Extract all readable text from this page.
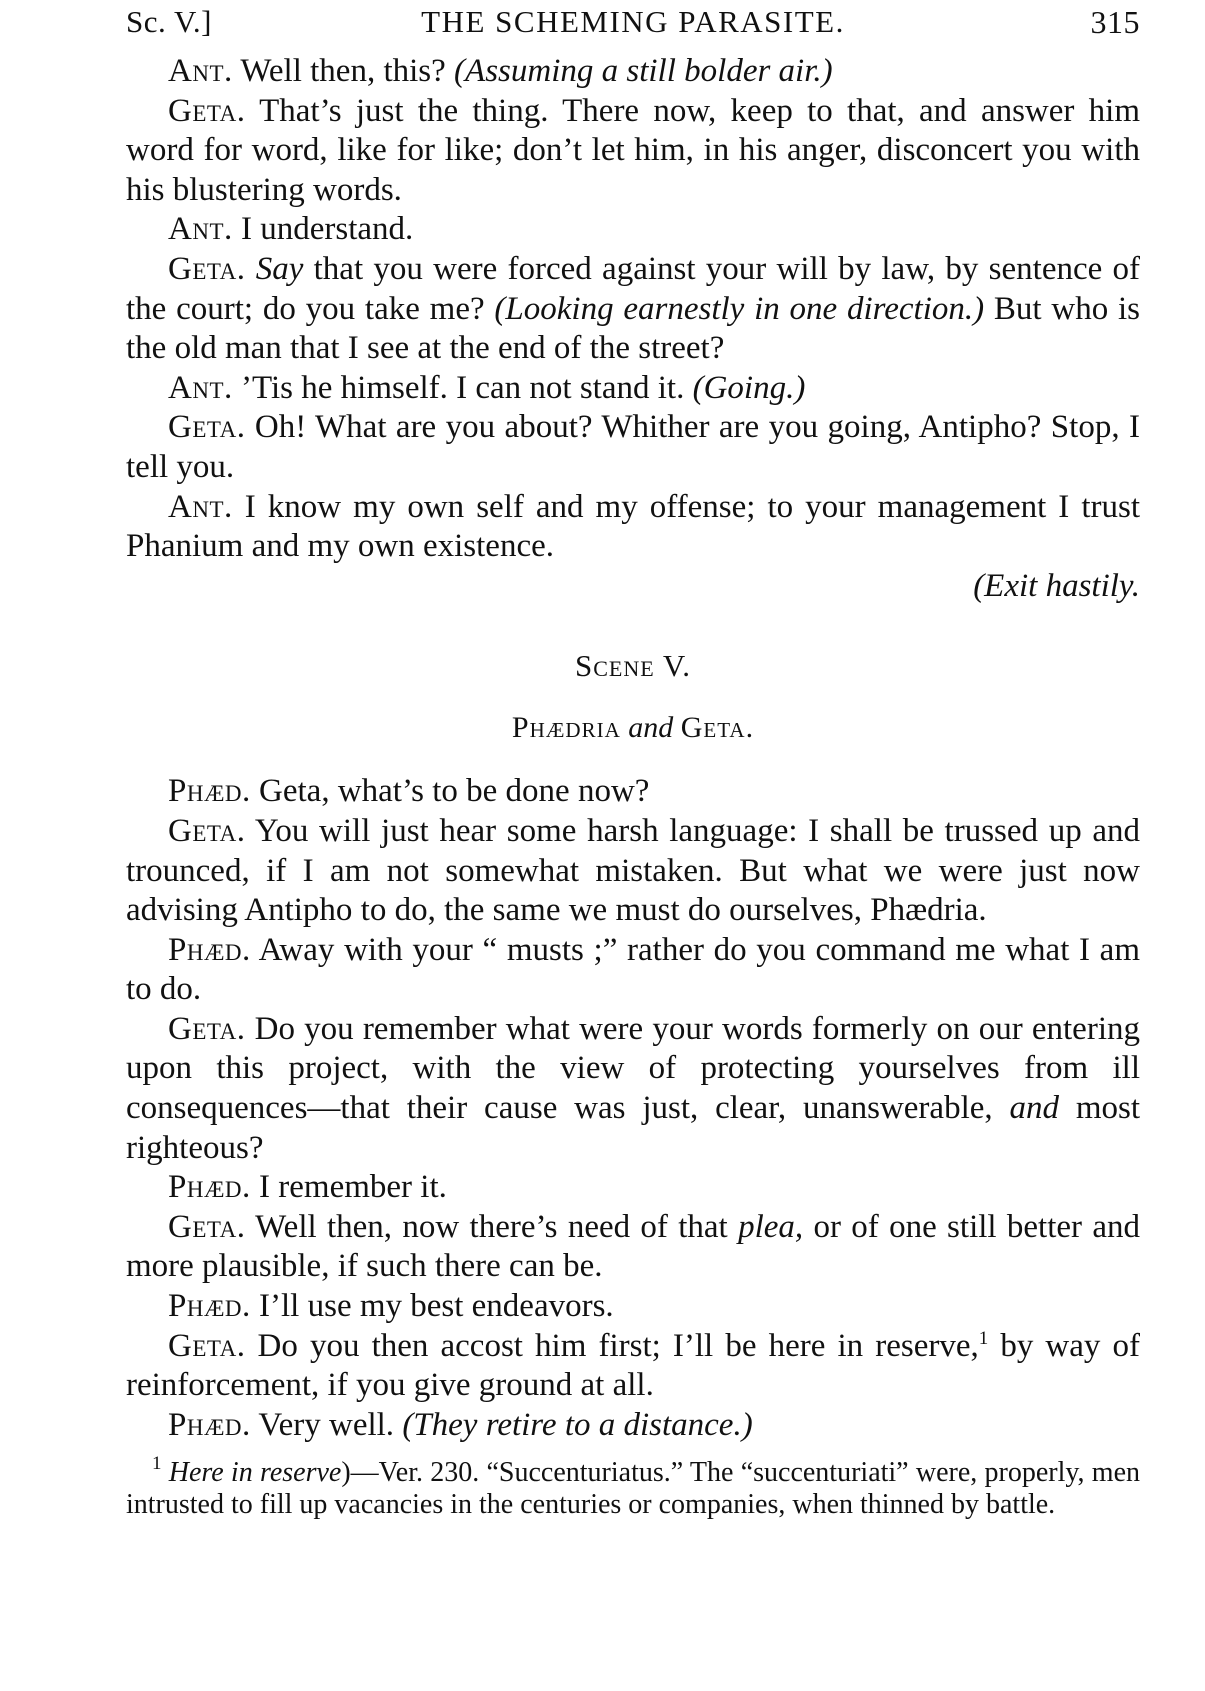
Sc. V.]	THE SCHEMING PARASITE.	315

Ant. Well then, this? (Assuming a still bolder air.)

Geta. That’s just the thing. There now, keep to that, and answer him word for word, like for like; don’t let him, in his anger, disconcert you with his blustering words.

Ant. I understand.

Geta. Say that you were forced against your will by law, by sentence of the court; do you take me? (Looking earnestly in one direction.) But who is the old man that I see at the end of the street?

Ant. ’Tis he himself. I can not stand it. (Going.)

Geta. Oh! What are you about? Whither are you going, Antipho? Stop, I tell you.

Ant. I know my own self and my offense; to your management I trust Phanium and my own existence.

(Exit hastily.

Scene V.
Phædria and Geta.

Phæd. Geta, what’s to be done now?

Geta. You will just hear some harsh language: I shall be trussed up and trounced, if I am not somewhat mistaken. But what we were just now advising Antipho to do, the same we must do ourselves, Phædria.

Phæd. Away with your “ musts ;” rather do you command me what I am to do.

Geta. Do you remember what were your words formerly on our entering upon this project, with the view of protecting yourselves from ill consequences—that their cause was just, clear, unanswerable, and most righteous?

Phæd. I remember it.

Geta. Well then, now there’s need of that plea, or of one still better and more plausible, if such there can be.

Phæd. I’ll use my best endeavors.

Geta. Do you then accost him first; I’ll be here in reserve,$^1$ by way of reinforcement, if you give ground at all.

Phæd. Very well. (They retire to a distance.)

$^1$ Here in reserve)—Ver. 230. “Succenturiatus.” The “succenturiati” were, properly, men intrusted to fill up vacancies in the centuries or companies, when thinned by battle.
